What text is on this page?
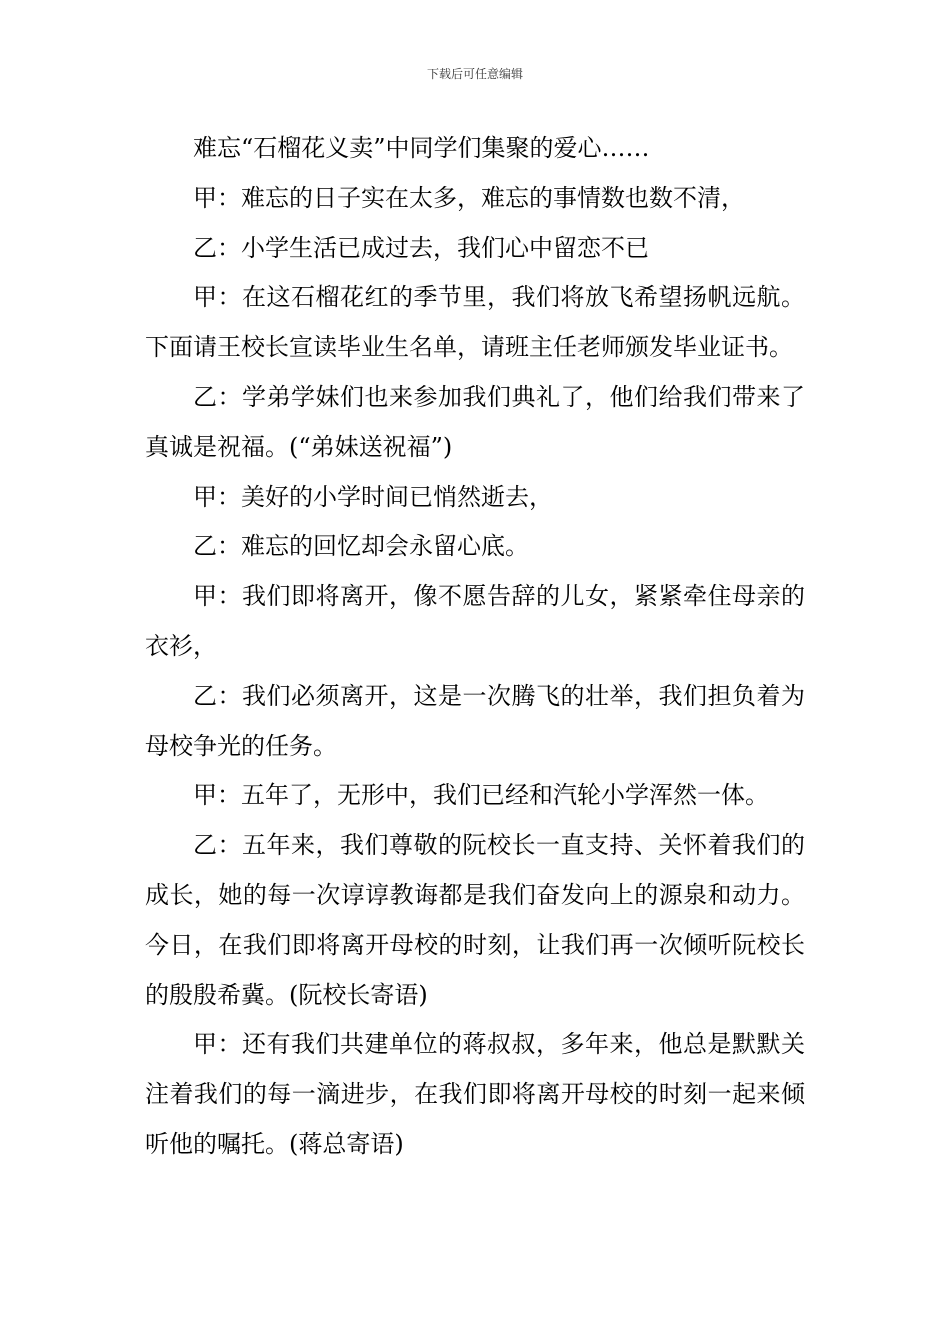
下载后可任意编辑

难忘“石榴花义卖”中同学们集聚的爱心……

甲：难忘的日子实在太多，难忘的事情数也数不清，

乙：小学生活已成过去，我们心中留恋不已

甲：在这石榴花红的季节里，我们将放飞希望扬帆远航。下面请王校长宣读毕业生名单，请班主任老师颁发毕业证书。

乙：学弟学妹们也来参加我们典礼了，他们给我们带来了真诚是祝福。(“弟妹送祝福”)

甲：美好的小学时间已悄然逝去，

乙：难忘的回忆却会永留心底。

甲：我们即将离开，像不愿告辞的儿女，紧紧牵住母亲的衣衫，

乙：我们必须离开，这是一次腾飞的壮举，我们担负着为母校争光的任务。

甲：五年了，无形中，我们已经和汽轮小学浑然一体。

乙：五年来，我们尊敬的阮校长一直支持、关怀着我们的成长，她的每一次谆谆教诲都是我们奋发向上的源泉和动力。今日，在我们即将离开母校的时刻，让我们再一次倾听阮校长的殷殷希冀。(阮校长寄语)

甲：还有我们共建单位的蒋叔叔，多年来，他总是默默关注着我们的每一滴进步，在我们即将离开母校的时刻一起来倾听他的嘱托。(蒋总寄语)
